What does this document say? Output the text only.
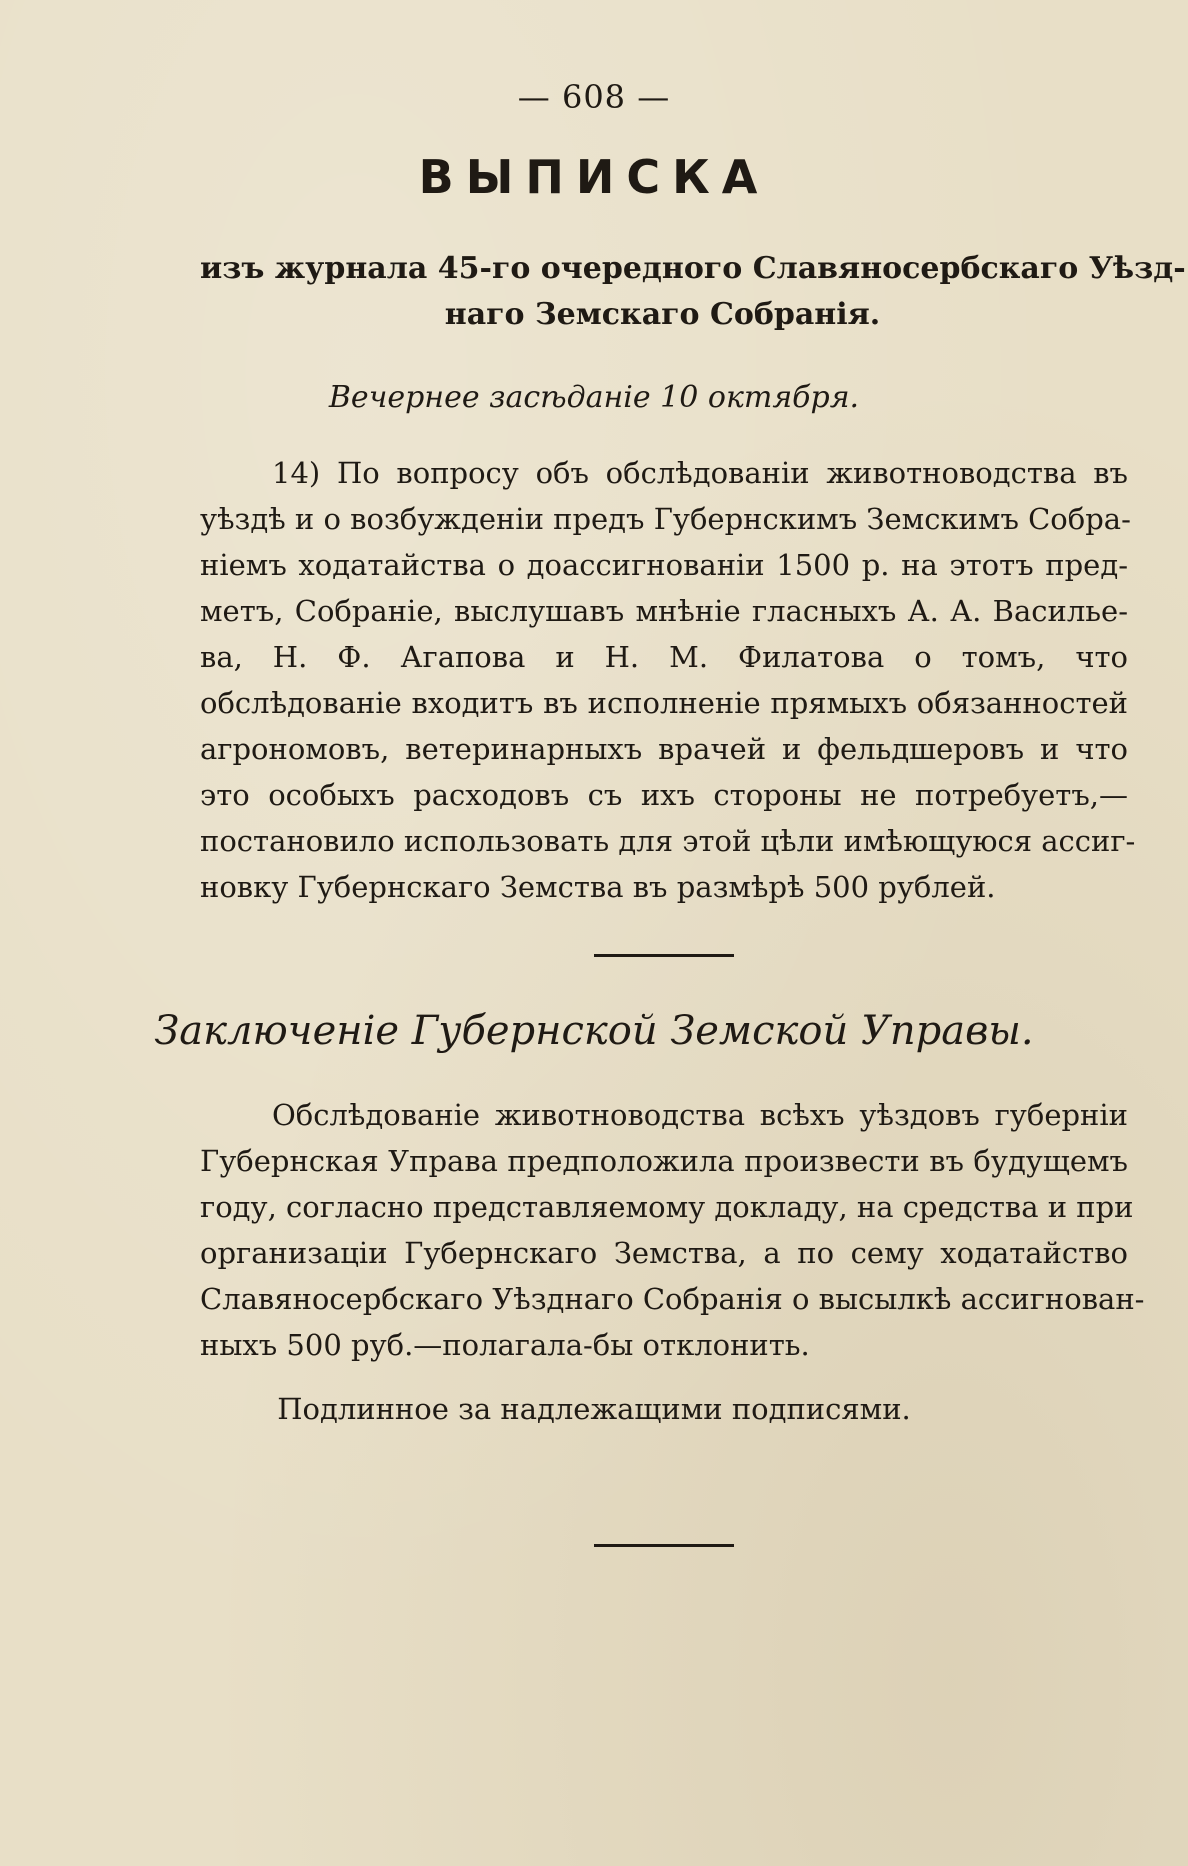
— 608 —
ВЫПИСКА
изъ журнала 45-го очередного Славяносербскаго Уѣзд-
наго Земскаго Собранія.
Вечернее засѣданіе 10 октября.
14) По вопросу объ обслѣдованіи животноводства въ
уѣздѣ и о возбужденіи предъ Губернскимъ Земскимъ Собра-
ніемъ ходатайства о доассигнованіи 1500 р. на этотъ пред-
метъ, Собраніе, выслушавъ мнѣніе гласныхъ А. А. Василье-
ва, Н. Ф. Агапова и Н. М. Филатова о томъ, что
обслѣдованіе входитъ въ исполненіе прямыхъ обязанностей
агрономовъ, ветеринарныхъ врачей и фельдшеровъ и что
это особыхъ расходовъ съ ихъ стороны не потребуетъ,—
постановило использовать для этой цѣли имѣющуюся ассиг-
новку Губернскаго Земства въ размѣрѣ 500 рублей.
Заключеніе Губернской Земской Управы.
Обслѣдованіе животноводства всѣхъ уѣздовъ губерніи
Губернская Управа предположила произвести въ будущемъ
году, согласно представляемому докладу, на средства и при
организаціи Губернскаго Земства, а по сему ходатайство
Славяносербскаго Уѣзднаго Собранія о высылкѣ ассигнован-
ныхъ 500 руб.—полагала-бы отклонить.
Подлинное за надлежащими подписями.
